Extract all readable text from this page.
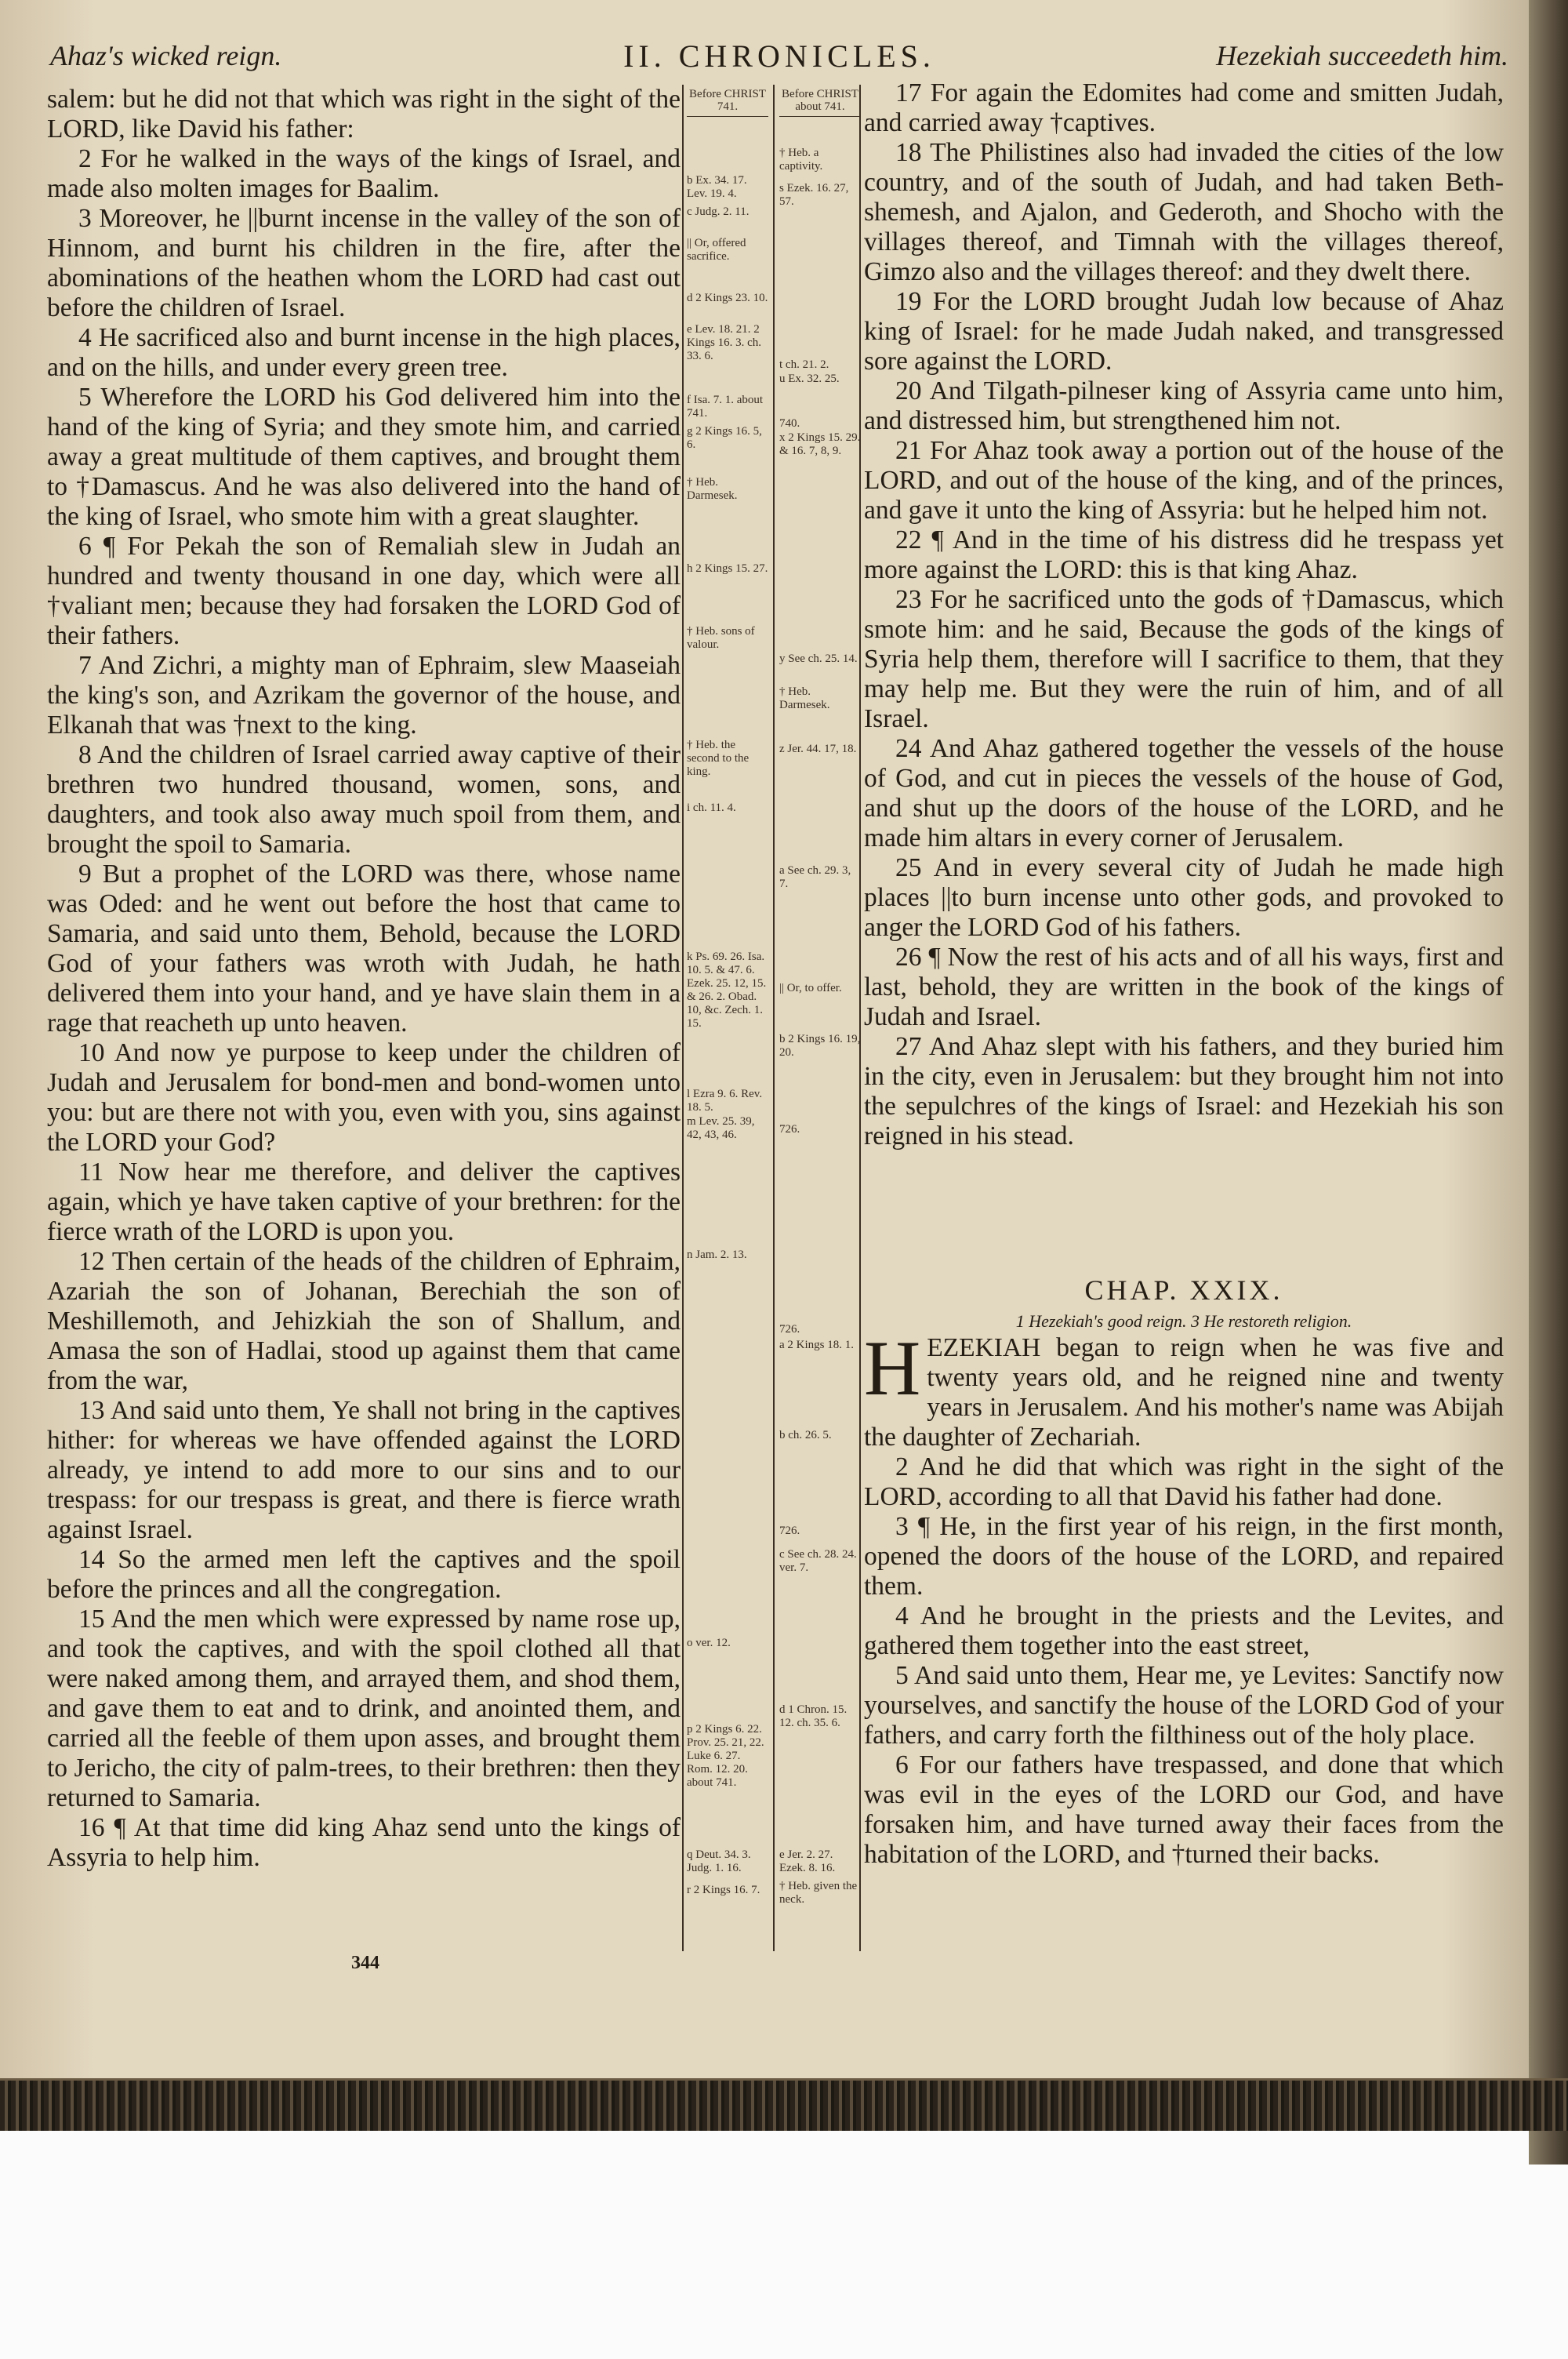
Ahaz's wicked reign.	II. CHRONICLES.	Hezekiah succeedeth him.

salem: but he did not that which was right in the sight of the LORD, like David his father:

2 For he walked in the ways of the kings of Israel, and made also molten images for Baalim.

3 Moreover, he ||burnt incense in the valley of the son of Hinnom, and burnt his children in the fire, after the abominations of the heathen whom the LORD had cast out before the children of Israel.

4 He sacrificed also and burnt incense in the high places, and on the hills, and under every green tree.

5 Wherefore the LORD his God delivered him into the hand of the king of Syria; and they smote him, and carried away a great multitude of them captives, and brought them to †Damascus. And he was also delivered into the hand of the king of Israel, who smote him with a great slaughter.

6 ¶ For Pekah the son of Remaliah slew in Judah an hundred and twenty thousand in one day, which were all †valiant men; because they had forsaken the LORD God of their fathers.

7 And Zichri, a mighty man of Ephraim, slew Maaseiah the king's son, and Azrikam the governor of the house, and Elkanah that was †next to the king.

8 And the children of Israel carried away captive of their brethren two hundred thousand, women, sons, and daughters, and took also away much spoil from them, and brought the spoil to Samaria.

9 But a prophet of the LORD was there, whose name was Oded: and he went out before the host that came to Samaria, and said unto them, Behold, because the LORD God of your fathers was wroth with Judah, he hath delivered them into your hand, and ye have slain them in a rage that reacheth up unto heaven.

10 And now ye purpose to keep under the children of Judah and Jerusalem for bond-men and bond-women unto you: but are there not with you, even with you, sins against the LORD your God?

11 Now hear me therefore, and deliver the captives again, which ye have taken captive of your brethren: for the fierce wrath of the LORD is upon you.

12 Then certain of the heads of the children of Ephraim, Azariah the son of Johanan, Berechiah the son of Meshillemoth, and Jehizkiah the son of Shallum, and Amasa the son of Hadlai, stood up against them that came from the war,

13 And said unto them, Ye shall not bring in the captives hither: for whereas we have offended against the LORD already, ye intend to add more to our sins and to our trespass: for our trespass is great, and there is fierce wrath against Israel.

14 So the armed men left the captives and the spoil before the princes and all the congregation.

15 And the men which were expressed by name rose up, and took the captives, and with the spoil clothed all that were naked among them, and arrayed them, and shod them, and gave them to eat and to drink, and anointed them, and carried all the feeble of them upon asses, and brought them to Jericho, the city of palm-trees, to their brethren: then they returned to Samaria.

16 ¶ At that time did king Ahaz send unto the kings of Assyria to help him.

Before CHRIST 741.
b Ex. 34. 17. Lev. 19. 4.
c Judg. 2. 11.
|| Or, offered sacrifice.
d 2 Kings 23. 10.
e Lev. 18. 21. 2 Kings 16. 3. ch. 33. 6.
f Isa. 7. 1. about 741.
g 2 Kings 16. 5, 6.
† Heb. Darmesek.
h 2 Kings 15. 27.
† Heb. sons of valour.
† Heb. the second to the king.
i ch. 11. 4.
k Ps. 69. 26. Isa. 10. 5. & 47. 6. Ezek. 25. 12, 15. & 26. 2. Obad. 10, &c. Zech. 1. 15.
l Ezra 9. 6. Rev. 18. 5.
m Lev. 25. 39, 42, 43, 46.
n Jam. 2. 13.
o ver. 12.
p 2 Kings 6. 22. Prov. 25. 21, 22. Luke 6. 27. Rom. 12. 20. about 741.
q Deut. 34. 3. Judg. 1. 16.
r 2 Kings 16. 7.
Before CHRIST about 741.
† Heb. a captivity.
s Ezek. 16. 27, 57.
t ch. 21. 2.
u Ex. 32. 25.
740.
x 2 Kings 15. 29. & 16. 7, 8, 9.
† Heb. Darmesek.
y See ch. 25. 14.
z Jer. 44. 17, 18.
a See ch. 29. 3, 7.
|| Or, to offer.
b 2 Kings 16. 19, 20.
726.
726.
a 2 Kings 18. 1.
b ch. 26. 5.
726.
c See ch. 28. 24. ver. 7.
d 1 Chron. 15. 12. ch. 35. 6.
e Jer. 2. 27. Ezek. 8. 16.
† Heb. given the neck.

17 For again the Edomites had come and smitten Judah, and carried away †captives.

18 The Philistines also had invaded the cities of the low country, and of the south of Judah, and had taken Beth-shemesh, and Ajalon, and Gederoth, and Shocho with the villages thereof, and Timnah with the villages thereof, Gimzo also and the villages thereof: and they dwelt there.

19 For the LORD brought Judah low because of Ahaz king of Israel: for he made Judah naked, and transgressed sore against the LORD.

20 And Tilgath-pilneser king of Assyria came unto him, and distressed him, but strengthened him not.

21 For Ahaz took away a portion out of the house of the LORD, and out of the house of the king, and of the princes, and gave it unto the king of Assyria: but he helped him not.

22 ¶ And in the time of his distress did he trespass yet more against the LORD: this is that king Ahaz.

23 For he sacrificed unto the gods of †Damascus, which smote him: and he said, Because the gods of the kings of Syria help them, therefore will I sacrifice to them, that they may help me. But they were the ruin of him, and of all Israel.

24 And Ahaz gathered together the vessels of the house of God, and cut in pieces the vessels of the house of God, and shut up the doors of the house of the LORD, and he made him altars in every corner of Jerusalem.

25 And in every several city of Judah he made high places ||to burn incense unto other gods, and provoked to anger the LORD God of his fathers.

26 ¶ Now the rest of his acts and of all his ways, first and last, behold, they are written in the book of the kings of Judah and Israel.

27 And Ahaz slept with his fathers, and they buried him in the city, even in Jerusalem: but they brought him not into the sepulchres of the kings of Israel: and Hezekiah his son reigned in his stead.

CHAP. XXIX.
1 Hezekiah's good reign. 3 He restoreth religion.

H EZEKIAH began to reign when he was five and twenty years old, and he reigned nine and twenty years in Jerusalem. And his mother's name was Abijah the daughter of Zechariah.

2 And he did that which was right in the sight of the LORD, according to all that David his father had done.

3 ¶ He, in the first year of his reign, in the first month, opened the doors of the house of the LORD, and repaired them.

4 And he brought in the priests and the Levites, and gathered them together into the east street,

5 And said unto them, Hear me, ye Levites: Sanctify now yourselves, and sanctify the house of the LORD God of your fathers, and carry forth the filthiness out of the holy place.

6 For our fathers have trespassed, and done that which was evil in the eyes of the LORD our God, and have forsaken him, and have turned away their faces from the habitation of the LORD, and †turned their backs.

344
